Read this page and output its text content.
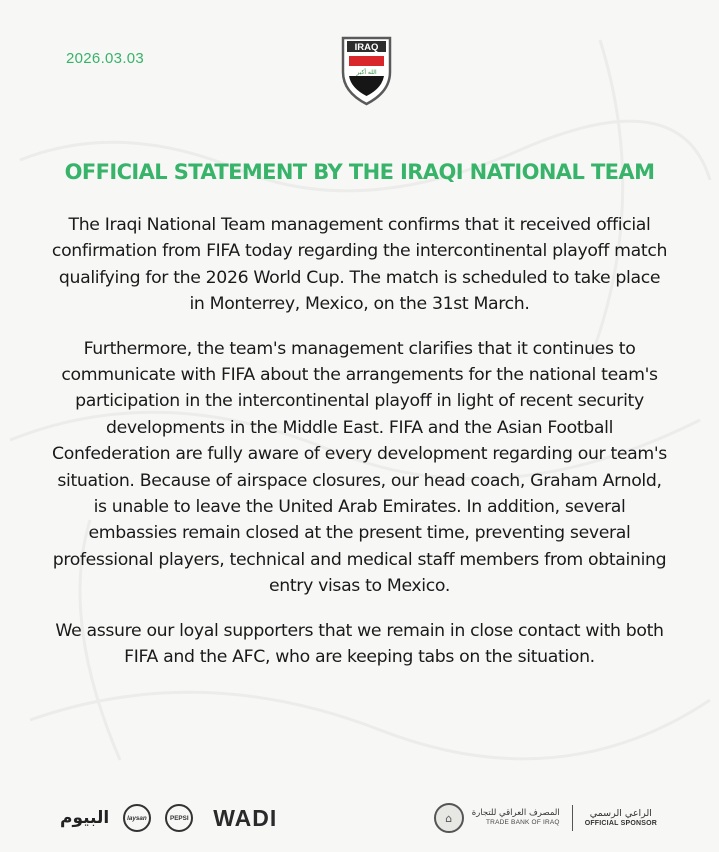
2026.03.03
IRAQ
الله أكبر
OFFICIAL STATEMENT BY THE IRAQI NATIONAL TEAM

The Iraqi National Team management confirms that it received official confirmation from FIFA today regarding the intercontinental playoff match qualifying for the 2026 World Cup. The match is scheduled to take place in Monterrey, Mexico, on the 31st March.

Furthermore, the team's management clarifies that it continues to communicate with FIFA about the arrangements for the national team's participation in the intercontinental playoff in light of recent security developments in the Middle East. FIFA and the Asian Football Confederation are fully aware of every development regarding our team's situation. Because of airspace closures, our head coach, Graham Arnold, is unable to leave the United Arab Emirates. In addition, several embassies remain closed at the present time, preventing several professional players, technical and medical staff members from obtaining entry visas to Mexico.

We assure our loyal supporters that we remain in close contact with both FIFA and the AFC, who are keeping tabs on the situation.

البيوم	laysan	PEPSI WADI	⌂	المصرف العراقي للتجارة
TRADE BANK OF IRAQ
الراعي الرسمي
OFFICIAL SPONSOR
